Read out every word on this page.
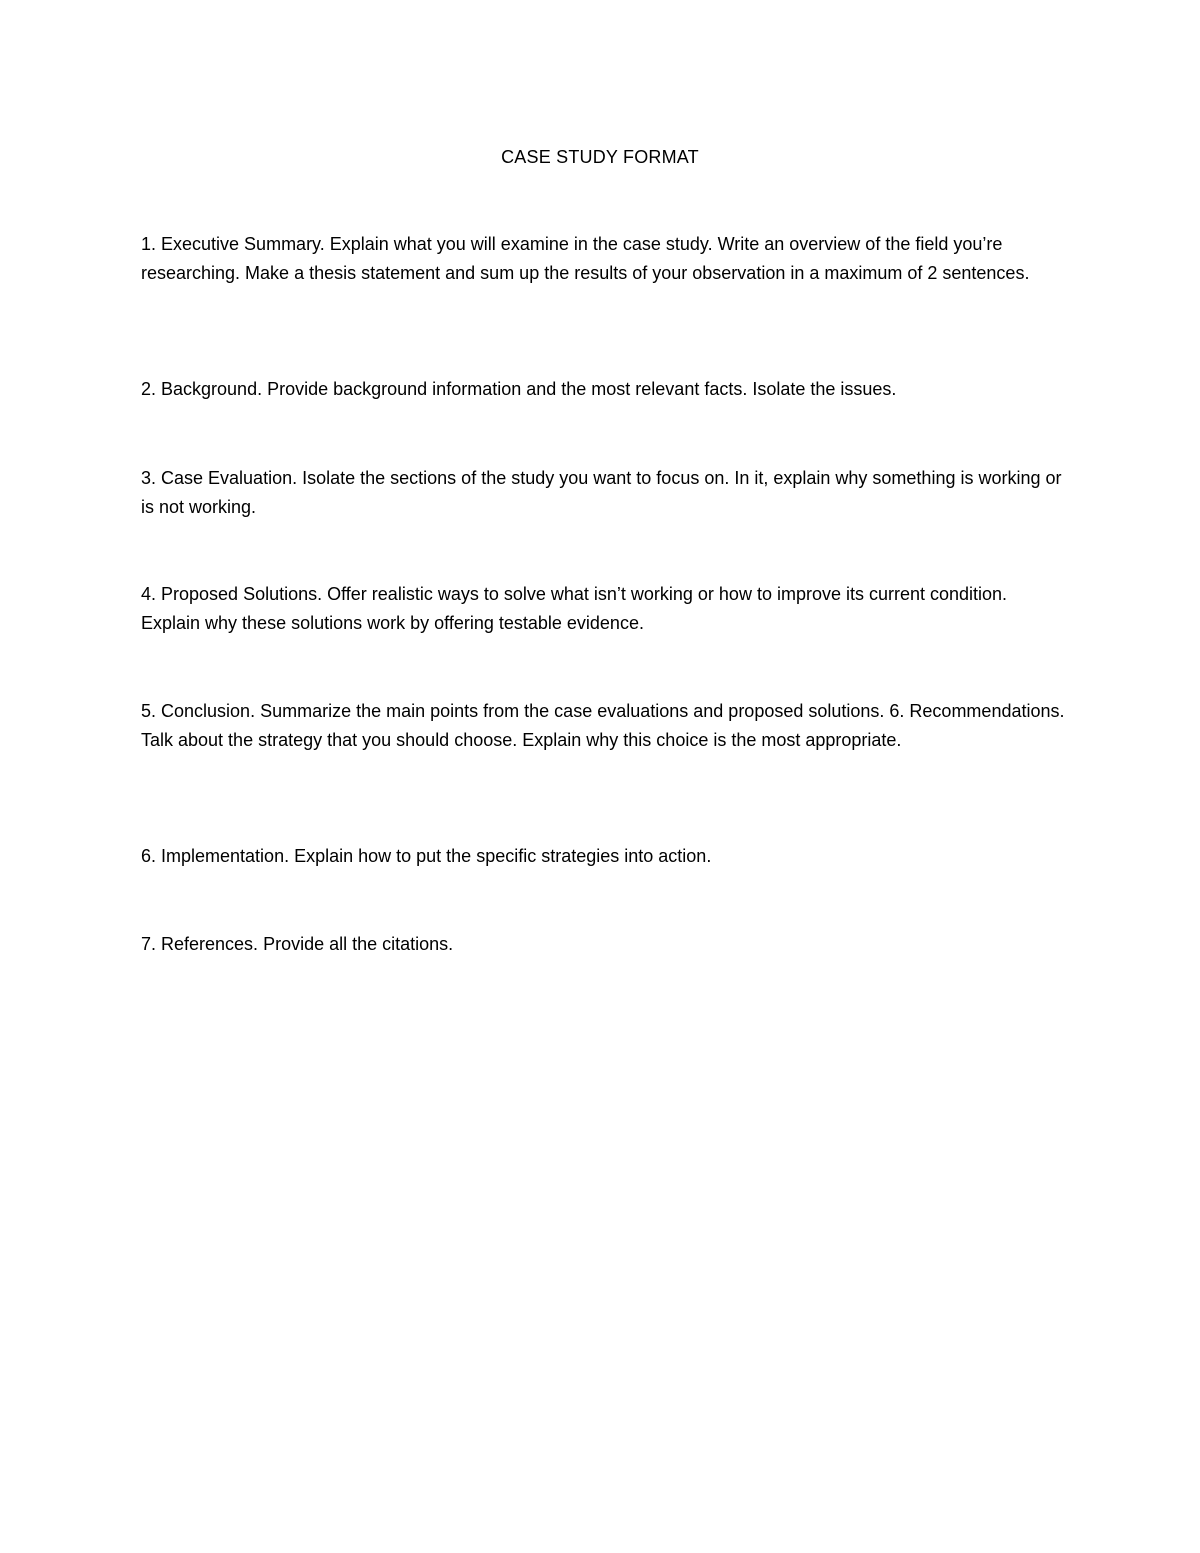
CASE STUDY FORMAT

1. Executive Summary. Explain what you will examine in the case study. Write an overview of the field you’re researching. Make a thesis statement and sum up the results of your observation in a maximum of 2 sentences.

2. Background. Provide background information and the most relevant facts. Isolate the issues.

3. Case Evaluation. Isolate the sections of the study you want to focus on. In it, explain why something is working or is not working.

4. Proposed Solutions. Offer realistic ways to solve what isn’t working or how to improve its current condition. Explain why these solutions work by offering testable evidence.

5. Conclusion. Summarize the main points from the case evaluations and proposed solutions. 6. Recommendations. Talk about the strategy that you should choose. Explain why this choice is the most appropriate.

6. Implementation. Explain how to put the specific strategies into action.

7. References. Provide all the citations.
